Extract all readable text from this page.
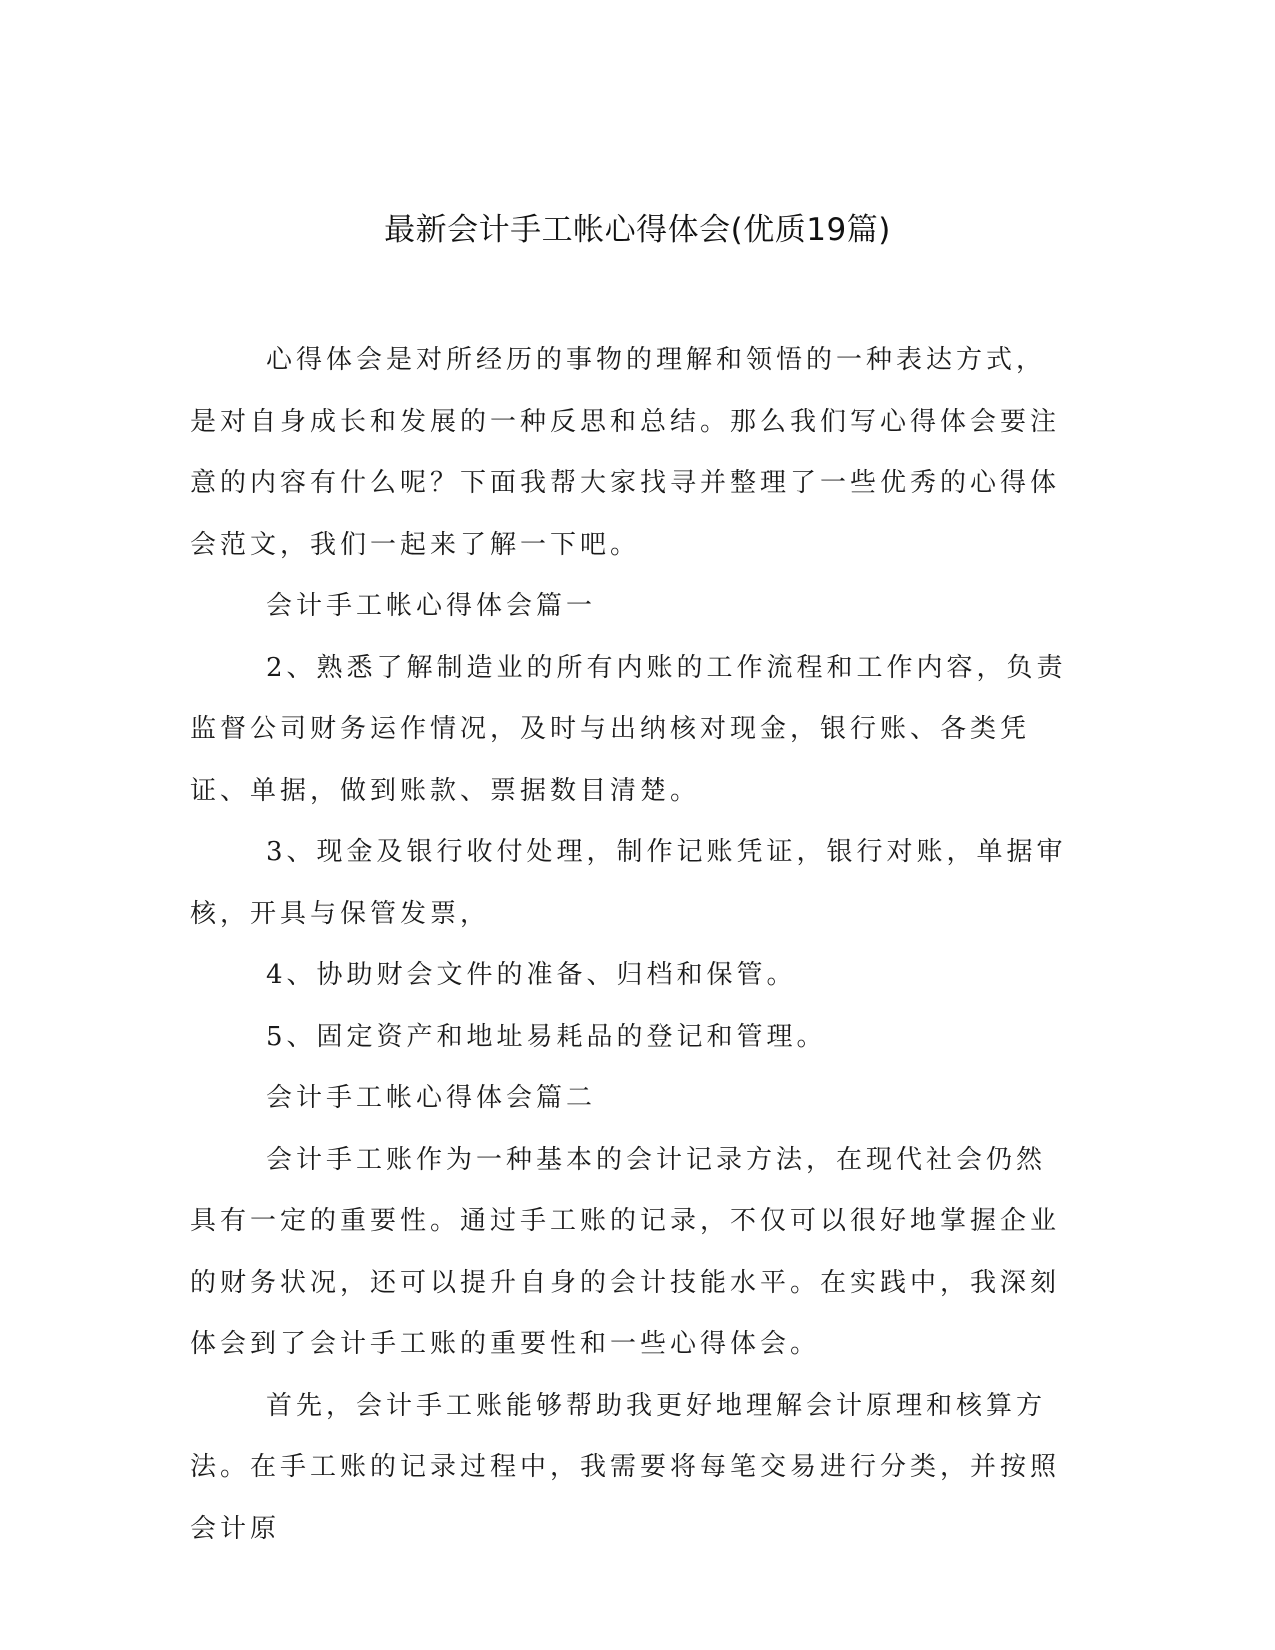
最新会计手工帐心得体会(优质19篇)

心得体会是对所经历的事物的理解和领悟的一种表达方式，是对自身成长和发展的一种反思和总结。那么我们写心得体会要注意的内容有什么呢？下面我帮大家找寻并整理了一些优秀的心得体会范文，我们一起来了解一下吧。

会计手工帐心得体会篇一

2、熟悉了解制造业的所有内账的工作流程和工作内容，负责监督公司财务运作情况，及时与出纳核对现金，银行账、各类凭证、单据，做到账款、票据数目清楚。

3、现金及银行收付处理，制作记账凭证，银行对账，单据审核，开具与保管发票，

4、协助财会文件的准备、归档和保管。

5、固定资产和地址易耗品的登记和管理。

会计手工帐心得体会篇二

会计手工账作为一种基本的会计记录方法，在现代社会仍然具有一定的重要性。通过手工账的记录，不仅可以很好地掌握企业的财务状况，还可以提升自身的会计技能水平。在实践中，我深刻体会到了会计手工账的重要性和一些心得体会。

首先，会计手工账能够帮助我更好地理解会计原理和核算方法。在手工账的记录过程中，我需要将每笔交易进行分类，并按照会计原
